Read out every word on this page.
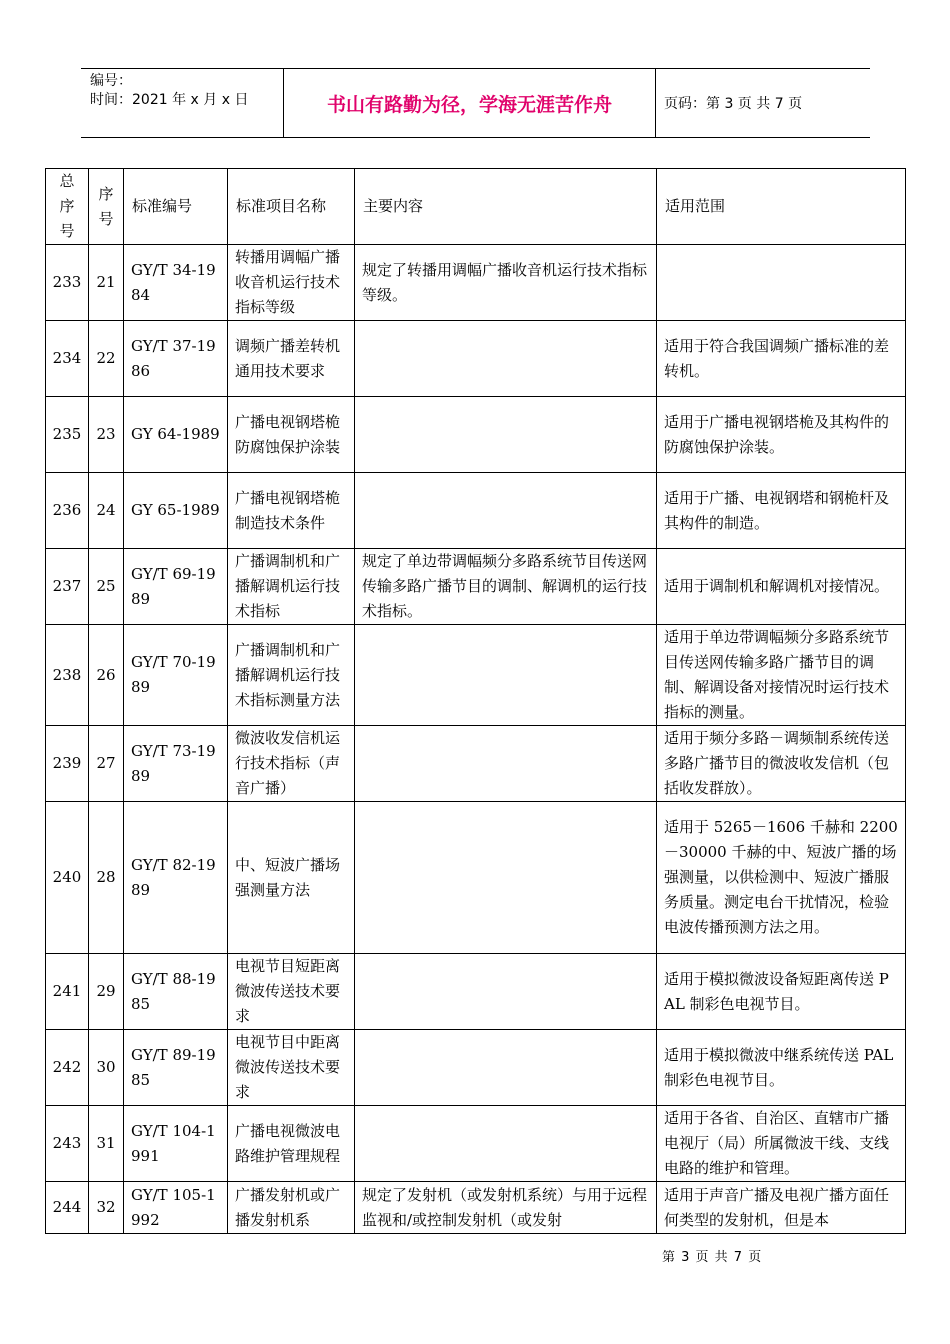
编号：
时间：2021 年 x 月 x 日	书山有路勤为径，学海无涯苦作舟	页码：第 3 页 共 7 页
总序号	序号	标准编号	标准项目名称	主要内容	适用范围
233	21	GY/T 34-1984	转播用调幅广播收音机运行技术指标等级	规定了转播用调幅广播收音机运行技术指标等级。	
234	22	GY/T 37-1986	调频广播差转机通用技术要求		适用于符合我国调频广播标准的差转机。
235	23	GY 64-1989	广播电视钢塔桅防腐蚀保护涂装		适用于广播电视钢塔桅及其构件的防腐蚀保护涂装。
236	24	GY 65-1989	广播电视钢塔桅制造技术条件		适用于广播、电视钢塔和钢桅杆及其构件的制造。
237	25	GY/T 69-1989	广播调制机和广播解调机运行技术指标	规定了单边带调幅频分多路系统节目传送网传输多路广播节目的调制、解调机的运行技术指标。	适用于调制机和解调机对接情况。
238	26	GY/T 70-1989	广播调制机和广播解调机运行技术指标测量方法		适用于单边带调幅频分多路系统节目传送网传输多路广播节目的调制、解调设备对接情况时运行技术指标的测量。
239	27	GY/T 73-1989	微波收发信机运行技术指标（声音广播）		适用于频分多路－调频制系统传送多路广播节目的微波收发信机（包括收发群放）。
240	28	GY/T 82-1989	中、短波广播场强测量方法		适用于 5265－1606 千赫和 2200－30000 千赫的中、短波广播的场强测量，以供检测中、短波广播服务质量。测定电台干扰情况，检验电波传播预测方法之用。
241	29	GY/T 88-1985	电视节目短距离微波传送技术要求		适用于模拟微波设备短距离传送 PAL 制彩色电视节目。
242	30	GY/T 89-1985	电视节目中距离微波传送技术要求		适用于模拟微波中继系统传送 PAL 制彩色电视节目。
243	31	GY/T 104-1991	广播电视微波电路维护管理规程		适用于各省、自治区、直辖市广播电视厅（局）所属微波干线、支线电路的维护和管理。
244	32	GY/T 105-1992	广播发射机或广播发射机系	规定了发射机（或发射机系统）与用于远程监视和/或控制发射机（或发射	适用于声音广播及电视广播方面任何类型的发射机，但是本
第 3 页 共 7 页
